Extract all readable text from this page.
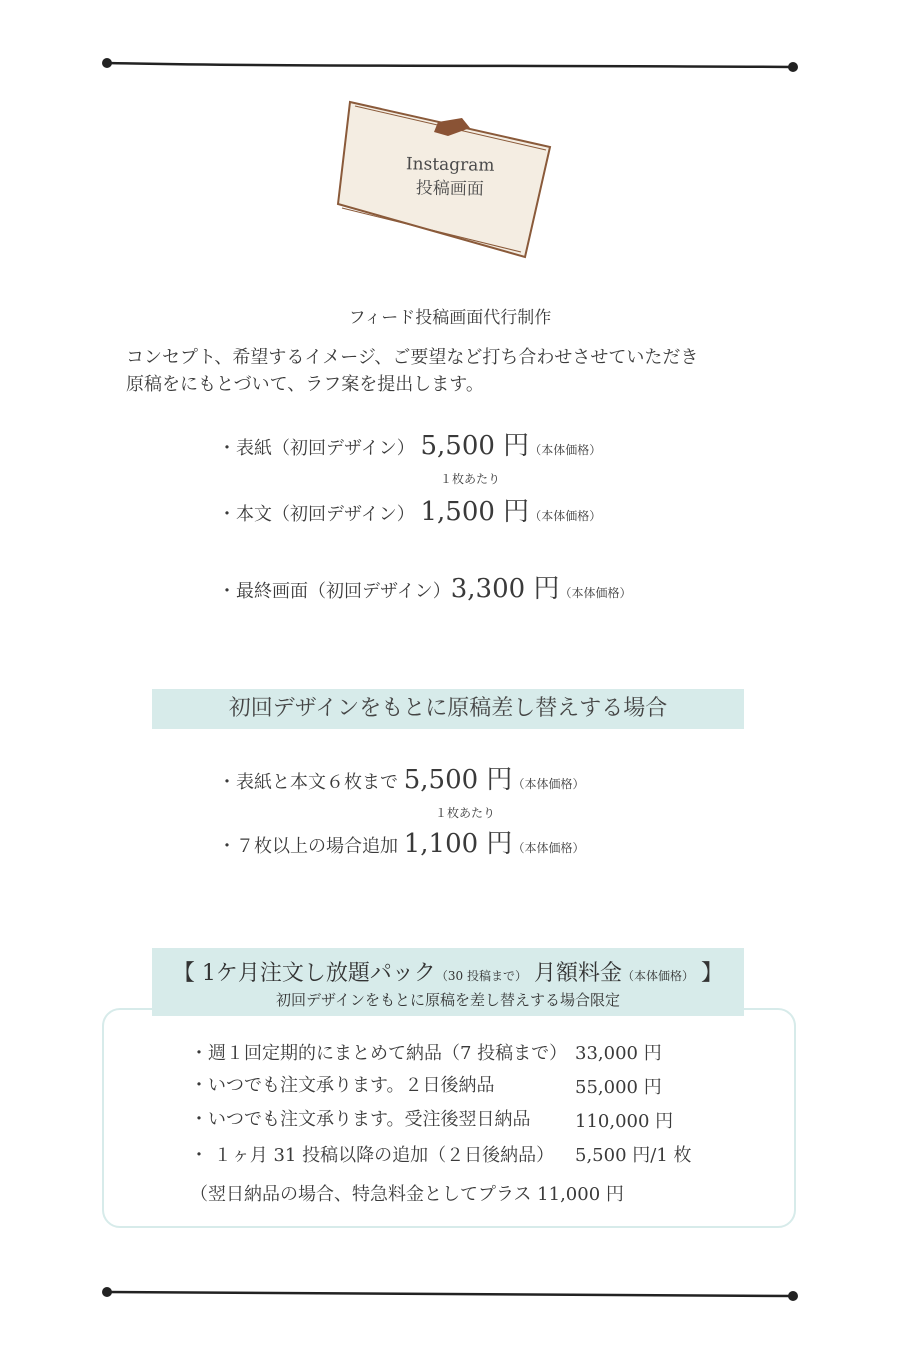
Instagram
投稿画面
フィード投稿画面代行制作
コンセプト、希望するイメージ、ご要望など打ち合わせさせていただき
原稿をにもとづいて、ラフ案を提出します。
・表紙（初回デザイン） 5,500 円（本体価格）
１枚あたり
・本文（初回デザイン） 1,500 円（本体価格）
・最終画面（初回デザイン）3,300 円（本体価格）
初回デザインをもとに原稿差し替えする場合
・表紙と本文６枚まで 5,500 円（本体価格）
１枚あたり
・７枚以上の場合追加 1,100 円（本体価格）
【 1ケ月注文し放題パック（30 投稿まで） 月額料金（本体価格） 】
初回デザインをもとに原稿を差し替えする場合限定
・週１回定期的にまとめて納品（7 投稿まで） 33,000 円
・いつでも注文承ります。２日後納品	55,000 円
・いつでも注文承ります。受注後翌日納品 110,000 円
・ １ヶ月 31 投稿以降の追加（２日後納品） 5,500 円/1 枚
（翌日納品の場合、特急料金としてプラス 11,000 円
